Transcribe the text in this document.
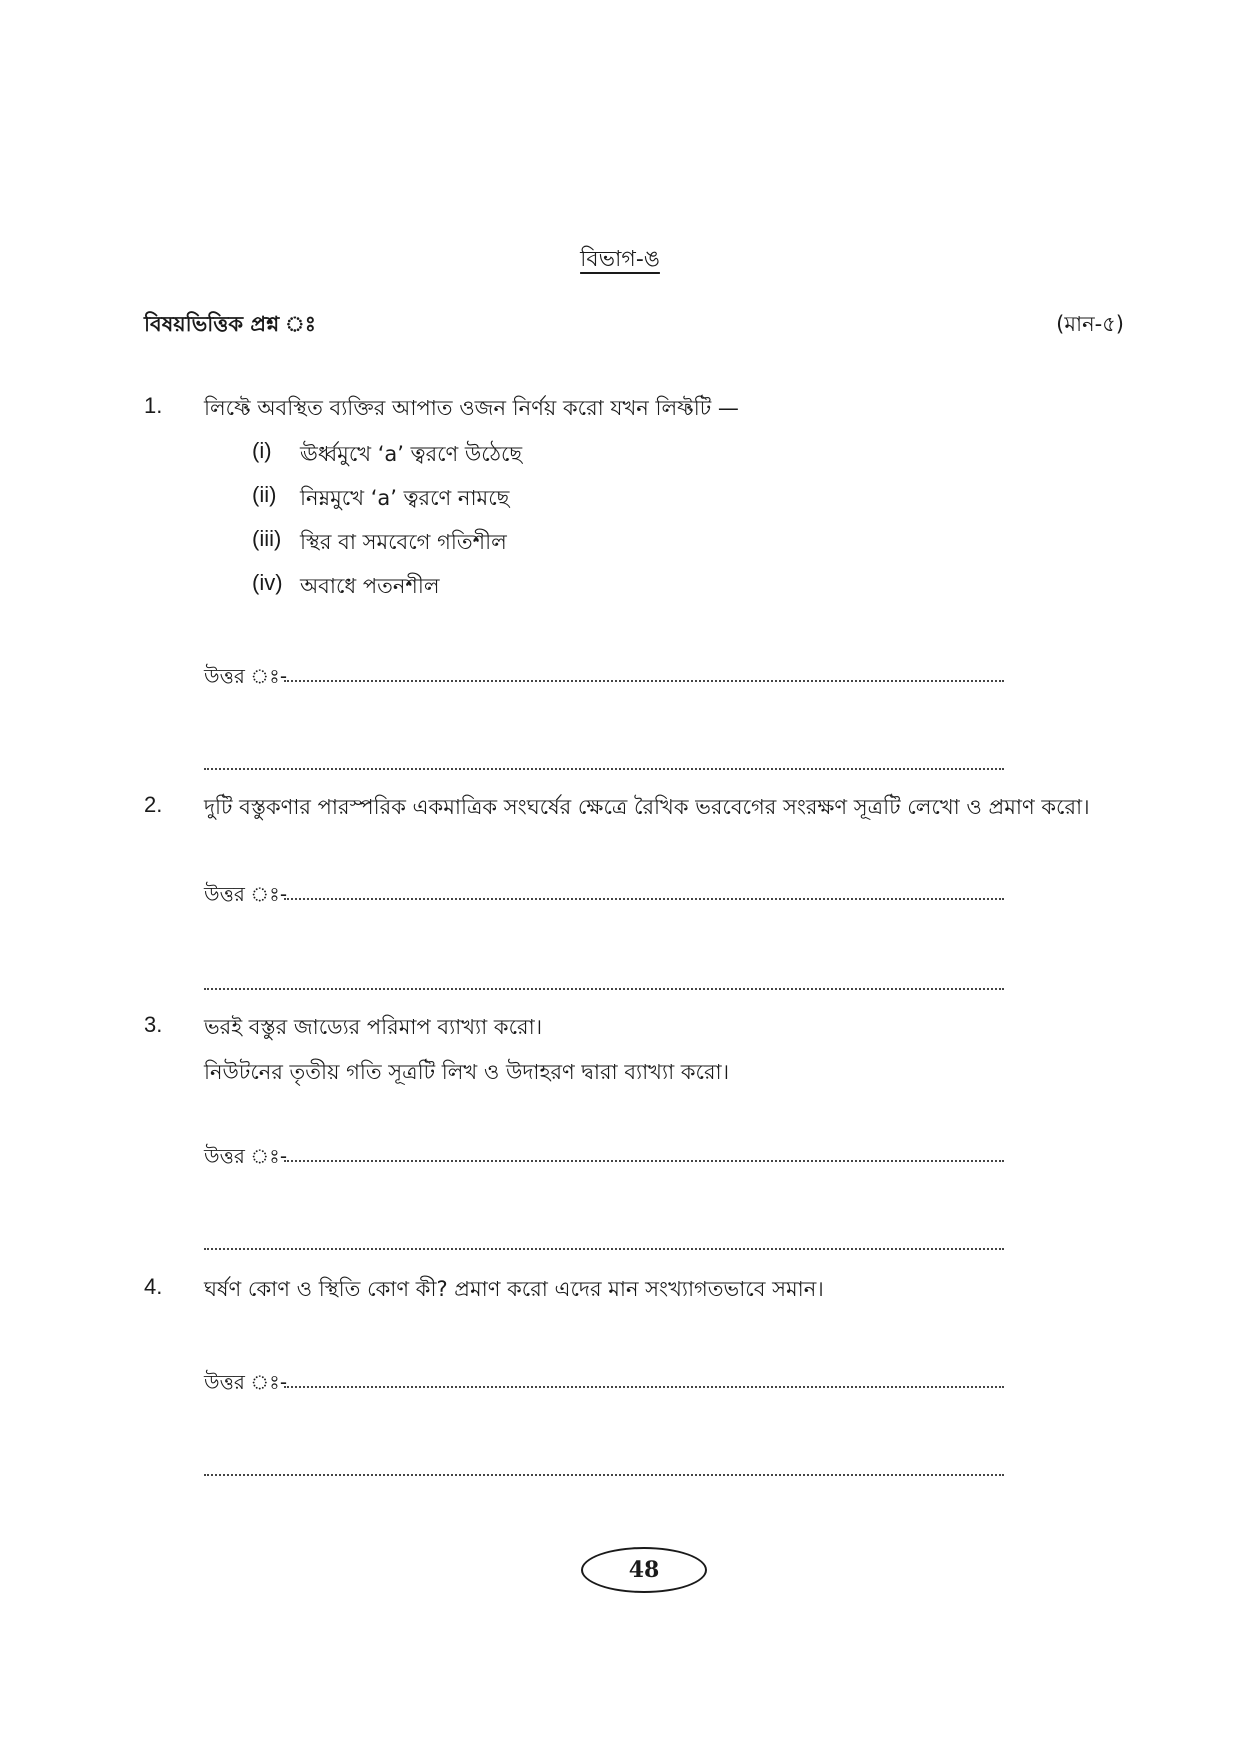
বিভাগ-ঙ
বিষয়ভিত্তিক প্রশ্ন ঃ	(মান-৫)
1. লিফ্টে অবস্থিত ব্যক্তির আপাত ওজন নির্ণয় করো যখন লিফ্টটি —
(i) ঊর্ধ্বমুখে ‘a’ ত্বরণে উঠেছে
(ii) নিম্নমুখে ‘a’ ত্বরণে নামছে
(iii) স্থির বা সমবেগে গতিশীল
(iv) অবাধে পতনশীল
উত্তর ঃ-
2. দুটি বস্তুকণার পারস্পরিক একমাত্রিক সংঘর্ষের ক্ষেত্রে রৈখিক ভরবেগের সংরক্ষণ সূত্রটি লেখো ও প্রমাণ করো।
উত্তর ঃ-
3. ভরই বস্তুর জাড্যের পরিমাপ ব্যাখ্যা করো।
নিউটনের তৃতীয় গতি সূত্রটি লিখ ও উদাহরণ দ্বারা ব্যাখ্যা করো।
উত্তর ঃ-
4. ঘর্ষণ কোণ ও স্থিতি কোণ কী? প্রমাণ করো এদের মান সংখ্যাগতভাবে সমান।
উত্তর ঃ-
48
